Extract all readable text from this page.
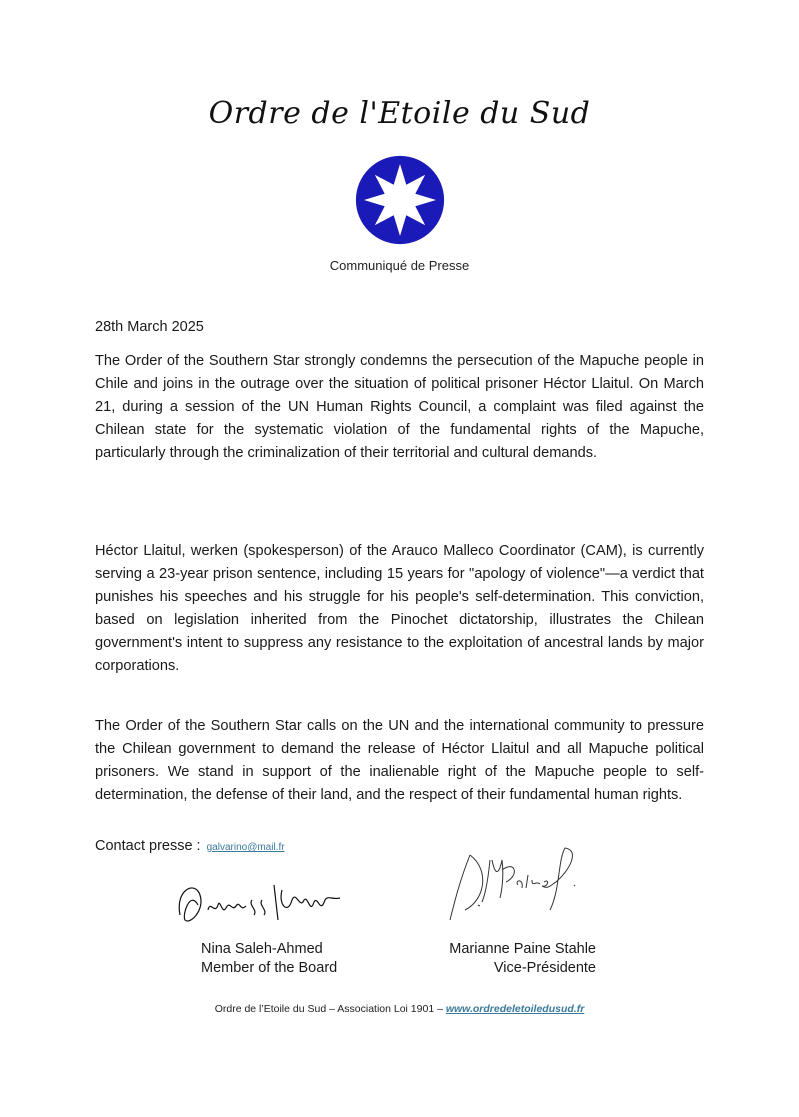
Ordre de l'Etoile du Sud
Communiqué de Presse
28th March 2025

The Order of the Southern Star strongly condemns the persecution of the Mapuche people in Chile and joins in the outrage over the situation of political prisoner Héctor Llaitul. On March 21, during a session of the UN Human Rights Council, a complaint was filed against the Chilean state for the systematic violation of the fundamental rights of the Mapuche, particularly through the criminalization of their territorial and cultural demands.

Héctor Llaitul, werken (spokesperson) of the Arauco Malleco Coordinator (CAM), is currently serving a 23-year prison sentence, including 15 years for "apology of violence"—a verdict that punishes his speeches and his struggle for his people's self-determination. This conviction, based on legislation inherited from the Pinochet dictatorship, illustrates the Chilean government's intent to suppress any resistance to the exploitation of ancestral lands by major corporations.

The Order of the Southern Star calls on the UN and the international community to pressure the Chilean government to demand the release of Héctor Llaitul and all Mapuche political prisoners. We stand in support of the inalienable right of the Mapuche people to self-determination, the defense of their land, and the respect of their fundamental human rights.

Contact presse : galvarino@mail.fr
Nina Saleh-Ahmed
Member of the Board
Marianne Paine Stahle
Vice-Présidente
Ordre de l’Etoile du Sud – Association Loi 1901 – www.ordredeletoiledusud.fr
